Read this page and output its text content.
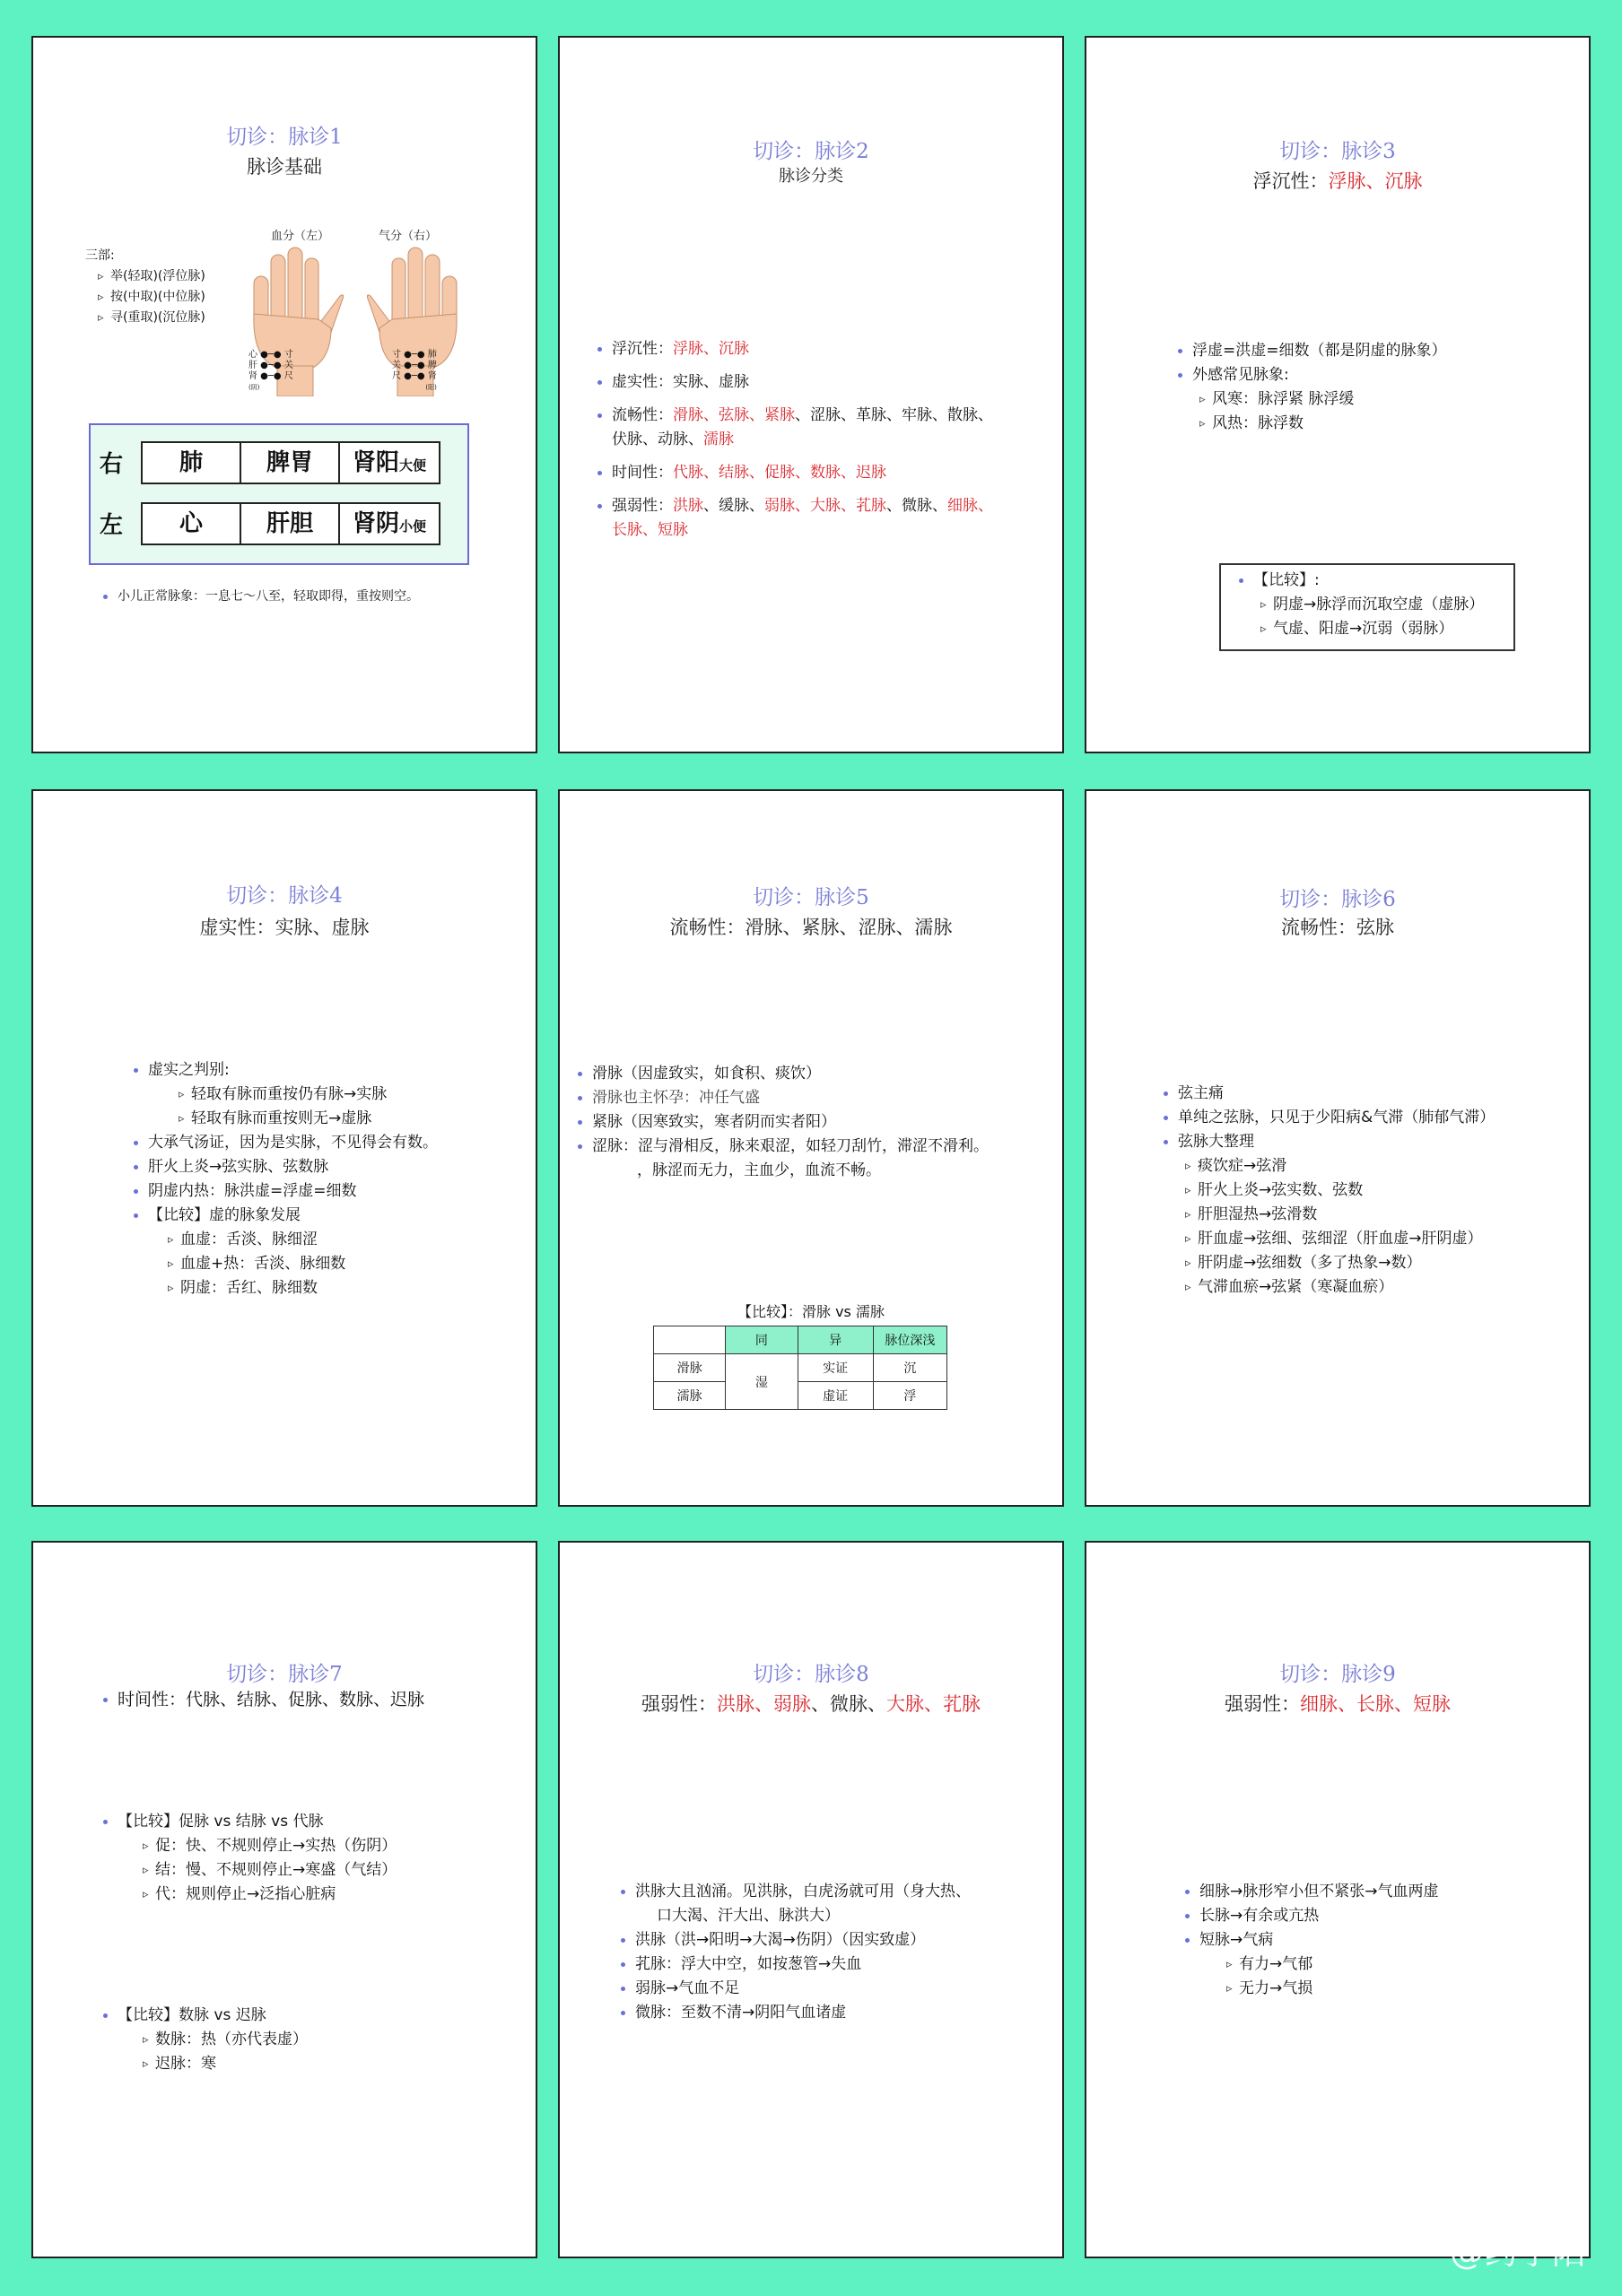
切诊：脉诊1
脉诊基础
血分（左）	气分（右）
三部:
▹ 举(轻取)(浮位脉)
▹ 按(中取)(中位脉)
▹ 寻(重取)(沉位脉)
心 ●─● 寸
肝 ●─● 关
肾 ●─● 尺
(阴)
寸 ●─● 肺
关 ●─● 脾
尺 ●─● 肾
(阳)
右	肺	脾胃	肾阳大便
左	心	肝胆	肾阴小便
小儿正常脉象：一息七～八至，轻取即得，重按则空。
切诊：脉诊2
脉诊分类
浮沉性：浮脉、沉脉
虚实性：实脉、虚脉
流畅性：滑脉、弦脉、紧脉、涩脉、革脉、牢脉、散脉、
伏脉、动脉、濡脉
时间性：代脉、结脉、促脉、数脉、迟脉
强弱性：洪脉、缓脉、弱脉、大脉、芤脉、微脉、细脉、
长脉、短脉
切诊：脉诊3
浮沉性：浮脉、沉脉
浮虚=洪虚=细数（都是阴虚的脉象）
外感常见脉象:
▹ 风寒：脉浮紧 脉浮缓
▹ 风热：脉浮数
【比较】:
▹ 阴虚→脉浮而沉取空虚（虚脉）
▹ 气虚、阳虚→沉弱（弱脉）
切诊：脉诊4
虚实性：实脉、虚脉
虚实之判别:
▹ 轻取有脉而重按仍有脉→实脉
▹ 轻取有脉而重按则无→虚脉
大承气汤证，因为是实脉，不见得会有数。
肝火上炎→弦实脉、弦数脉
阴虚内热：脉洪虚=浮虚=细数
【比较】虚的脉象发展
▹ 血虚：舌淡、脉细涩
▹ 血虚+热：舌淡、脉细数
▹ 阴虚：舌红、脉细数
切诊：脉诊5
流畅性：滑脉、紧脉、涩脉、濡脉
滑脉（因虚致实，如食积、痰饮）
滑脉也主怀孕：冲任气盛
紧脉（因寒致实，寒者阴而实者阳）
涩脉：涩与滑相反，脉来艰涩，如轻刀刮竹，滞涩不滑利。
，脉涩而无力，主血少，血流不畅。
【比较】：滑脉 vs 濡脉
	同	异	脉位深浅
滑脉	湿	实证	沉
濡脉		虚证	浮
切诊：脉诊6
流畅性：弦脉
弦主痛
单纯之弦脉，只见于少阳病&气滞（肺郁气滞）
弦脉大整理
▹ 痰饮症→弦滑
▹ 肝火上炎→弦实数、弦数
▹ 肝胆湿热→弦滑数
▹ 肝血虚→弦细、弦细涩（肝血虚→肝阴虚）
▹ 肝阴虚→弦细数（多了热象→数）
▹ 气滞血瘀→弦紧（寒凝血瘀）
切诊：脉诊7
时间性：代脉、结脉、促脉、数脉、迟脉
【比较】促脉 vs 结脉 vs 代脉
▹ 促：快、不规则停止→实热（伤阴）
▹ 结：慢、不规则停止→寒盛（气结）
▹ 代：规则停止→泛指心脏病
【比较】数脉 vs 迟脉
▹ 数脉：热（亦代表虚）
▹ 迟脉：寒
切诊：脉诊8
强弱性：洪脉、弱脉、微脉、大脉、芤脉
洪脉大且汹涌。见洪脉，白虎汤就可用（身大热、
口大渴、汗大出、脉洪大）
洪脉（洪→阳明→大渴→伤阴）（因实致虚）
芤脉：浮大中空，如按葱管→失血
弱脉→气血不足
微脉：至数不清→阴阳气血诸虚
切诊：脉诊9
强弱性：细脉、长脉、短脉
细脉→脉形窄小但不紧张→气血两虚
长脉→有余或亢热
短脉→气病
▹ 有力→气郁
▹ 无力→气损
@药子陌
